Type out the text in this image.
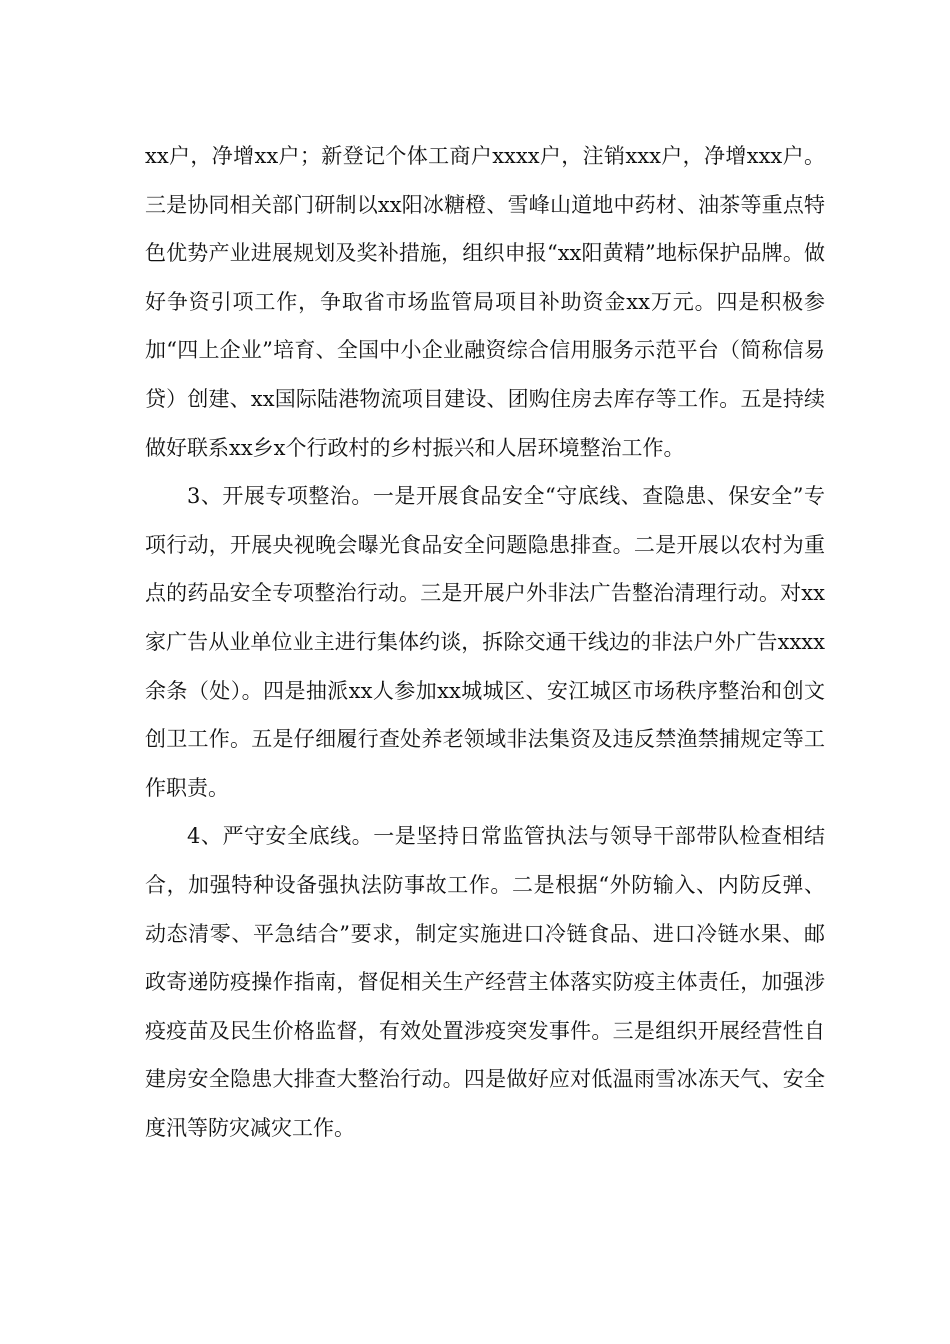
xx户，净增xx户；新登记个体工商户xxxx户，注销xxx户，净增xxx户。三是协同相关部门研制以xx阳冰糖橙、雪峰山道地中药材、油茶等重点特色优势产业进展规划及奖补措施，组织申报“xx阳黄精”地标保护品牌。做好争资引项工作，争取省市场监管局项目补助资金xx万元。四是积极参加“四上企业”培育、全国中小企业融资综合信用服务示范平台（简称信易贷）创建、xx国际陆港物流项目建设、团购住房去库存等工作。五是持续做好联系xx乡x个行政村的乡村振兴和人居环境整治工作。

3、开展专项整治。一是开展食品安全“守底线、查隐患、保安全”专项行动，开展央视晚会曝光食品安全问题隐患排查。二是开展以农村为重点的药品安全专项整治行动。三是开展户外非法广告整治清理行动。对xx家广告从业单位业主进行集体约谈，拆除交通干线边的非法户外广告xxxx余条（处）。四是抽派xx人参加xx城城区、安江城区市场秩序整治和创文创卫工作。五是仔细履行查处养老领域非法集资及违反禁渔禁捕规定等工作职责。

4、严守安全底线。一是坚持日常监管执法与领导干部带队检查相结合，加强特种设备强执法防事故工作。二是根据“外防输入、内防反弹、动态清零、平急结合”要求，制定实施进口冷链食品、进口冷链水果、邮政寄递防疫操作指南，督促相关生产经营主体落实防疫主体责任，加强涉疫疫苗及民生价格监督，有效处置涉疫突发事件。三是组织开展经营性自建房安全隐患大排查大整治行动。四是做好应对低温雨雪冰冻天气、安全度汛等防灾减灾工作。
